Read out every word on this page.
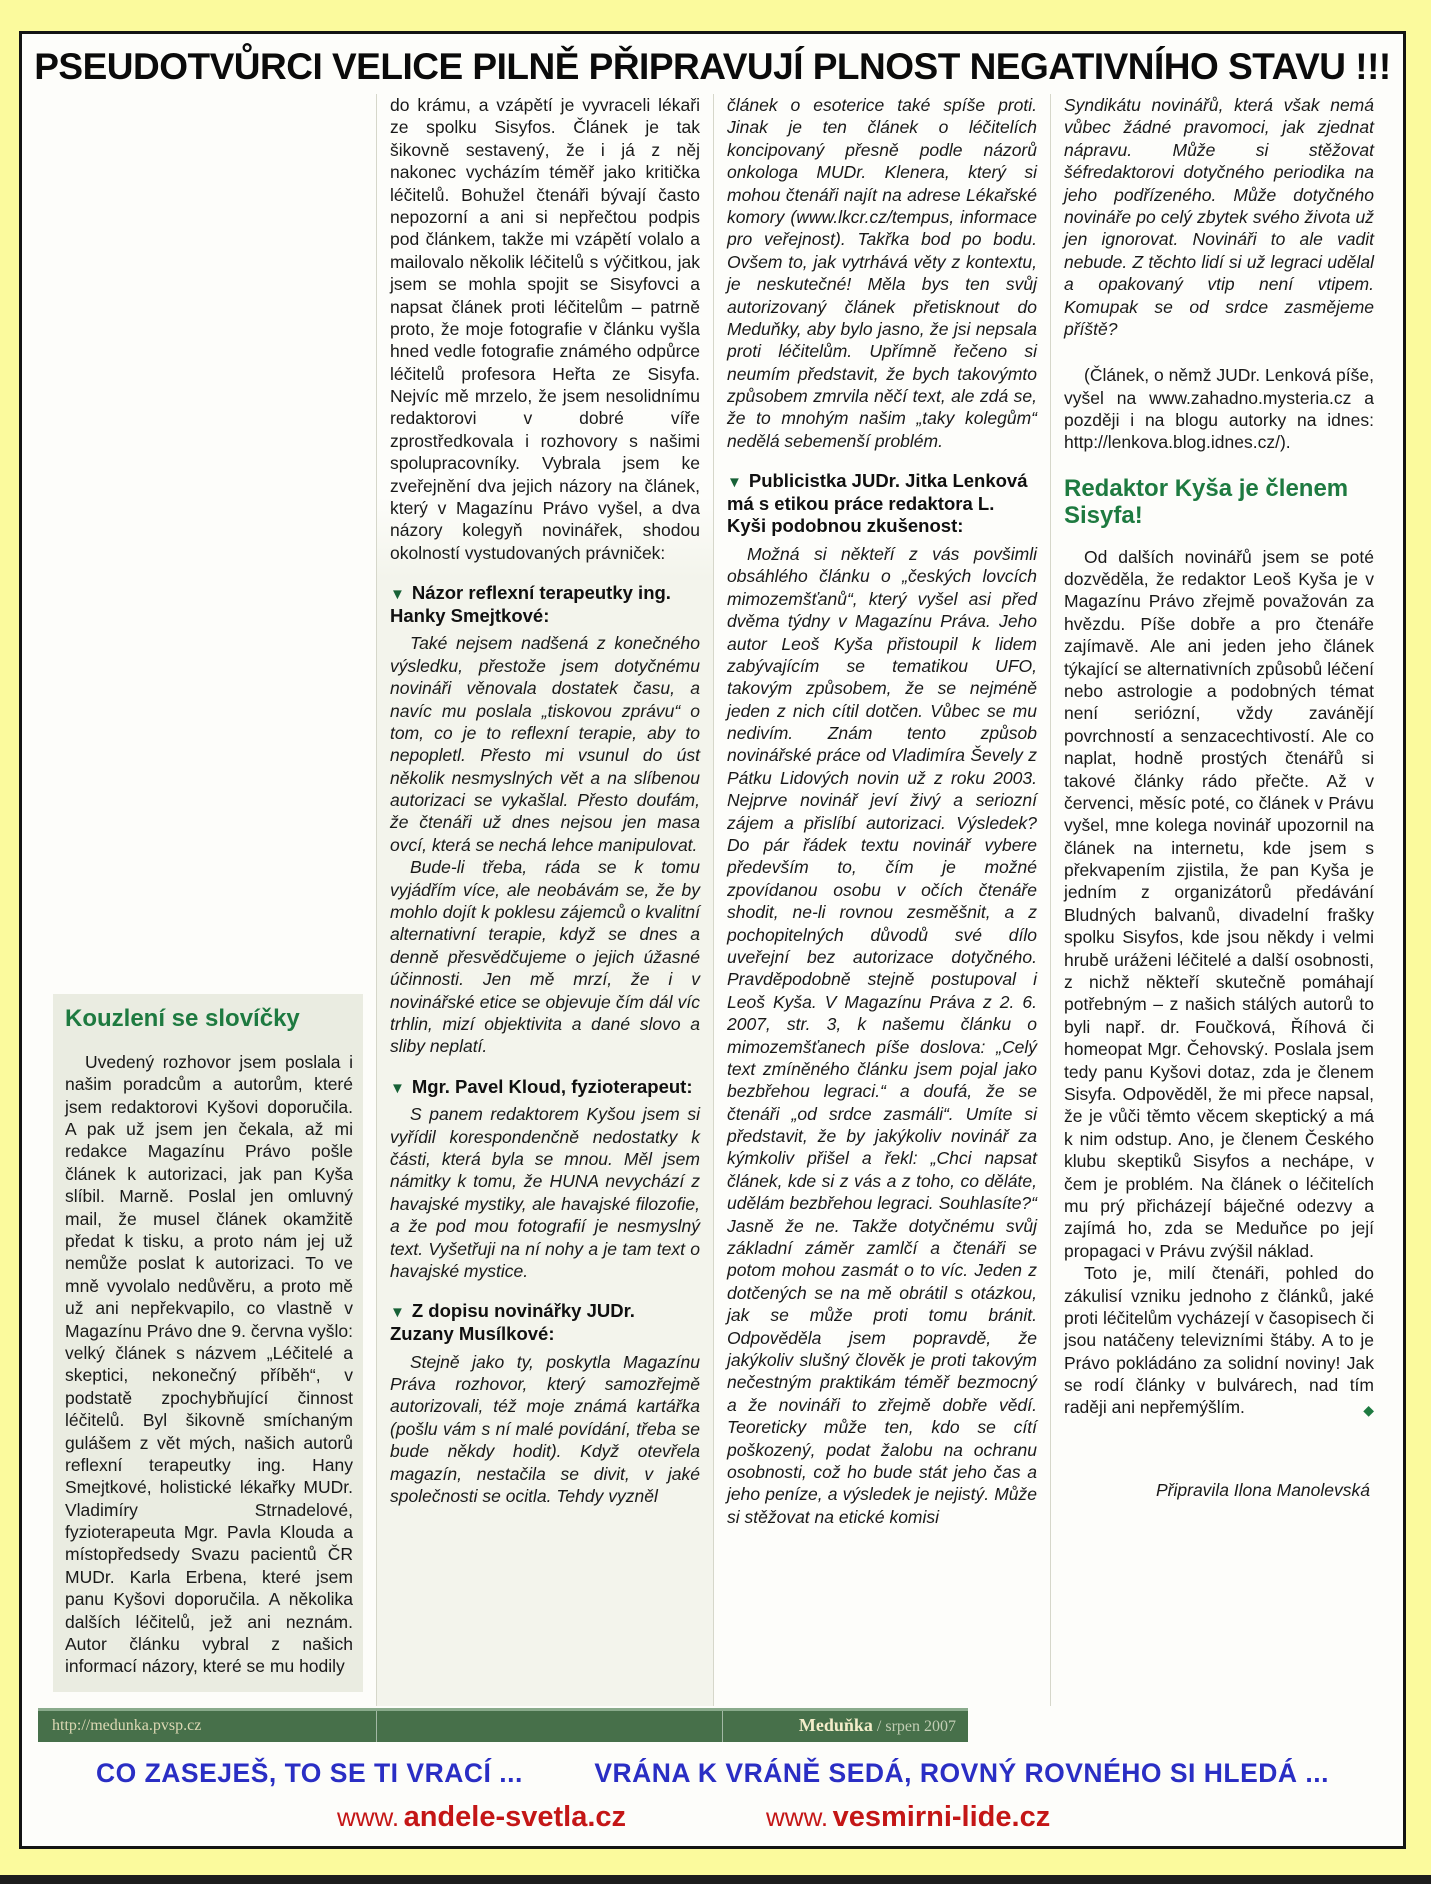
PSEUDOTVŮRCI VELICE PILNĚ PŘIPRAVUJÍ PLNOST NEGATIVNÍHO STAVU !!!
Kouzlení se slovíčky

Uvedený rozhovor jsem poslala i našim poradcům a autorům, které jsem redaktorovi Kyšovi doporučila. A pak už jsem jen čekala, až mi redakce Magazínu Právo pošle článek k autorizaci, jak pan Kyša slíbil. Marně. Poslal jen omluvný mail, že musel článek okamžitě předat k tisku, a proto nám jej už nemůže poslat k autorizaci. To ve mně vyvolalo nedůvěru, a proto mě už ani nepřekvapilo, co vlastně v Magazínu Právo dne 9. června vyšlo: velký článek s názvem „Léčitelé a skeptici, nekonečný příběh“, v podstatě zpochybňující činnost léčitelů. Byl šikovně smíchaným gulášem z vět mých, našich autorů reflexní terapeutky ing. Hany Smejtkové, holistické lékařky MUDr. Vladimíry Strnadelové, fyzioterapeuta Mgr. Pavla Klouda a místopředsedy Svazu pacientů ČR MUDr. Karla Erbena, které jsem panu Kyšovi doporučila. A několika dalších léčitelů, jež ani neznám. Autor článku vybral z našich informací názory, které se mu hodily

do krámu, a vzápětí je vyvraceli lékaři ze spolku Sisyfos. Článek je tak šikovně sestavený, že i já z něj nakonec vycházím téměř jako kritička léčitelů. Bohužel čtenáři bývají často nepozorní a ani si nepřečtou podpis pod článkem, takže mi vzápětí volalo a mailovalo několik léčitelů s výčitkou, jak jsem se mohla spojit se Sisyfovci a napsat článek proti léčitelům – patrně proto, že moje fotografie v článku vyšla hned vedle fotografie známého odpůrce léčitelů profesora Heřta ze Sisyfa. Nejvíc mě mrzelo, že jsem nesolidnímu redaktorovi v dobré víře zprostředkovala i rozhovory s našimi spolupracovníky. Vybrala jsem ke zveřejnění dva jejich názory na článek, který v Magazínu Právo vyšel, a dva názory kolegyň novinářek, shodou okolností vystudovaných právniček:

▼ Názor reflexní terapeutky ing. Hanky Smejtkové:

Také nejsem nadšená z konečného výsledku, přestože jsem dotyčnému novináři věnovala dostatek času, a navíc mu poslala „tiskovou zprávu“ o tom, co je to reflexní terapie, aby to nepopletl. Přesto mi vsunul do úst několik nesmyslných vět a na slíbenou autorizaci se vykašlal. Přesto doufám, že čtenáři už dnes nejsou jen masa ovcí, která se nechá lehce manipulovat.

Bude-li třeba, ráda se k tomu vyjádřím více, ale neobávám se, že by mohlo dojít k poklesu zájemců o kvalitní alternativní terapie, když se dnes a denně přesvědčujeme o jejich úžasné účinnosti. Jen mě mrzí, že i v novinářské etice se objevuje čím dál víc trhlin, mizí objektivita a dané slovo a sliby neplatí.

▼ Mgr. Pavel Kloud, fyzioterapeut:

S panem redaktorem Kyšou jsem si vyřídil korespondenčně nedostatky k části, která byla se mnou. Měl jsem námitky k tomu, že HUNA nevychází z havajské mystiky, ale havajské filozofie, a že pod mou fotografií je nesmyslný text. Vyšetřuji na ní nohy a je tam text o havajské mystice.

▼ Z dopisu novinářky JUDr. Zuzany Musílkové:

Stejně jako ty, poskytla Magazínu Práva rozhovor, který samozřejmě autorizovali, též moje známá kartářka (pošlu vám s ní malé povídání, třeba se bude někdy hodit). Když otevřela magazín, nestačila se divit, v jaké společnosti se ocitla. Tehdy vyzněl

článek o esoterice také spíše proti. Jinak je ten článek o léčitelích koncipovaný přesně podle názorů onkologa MUDr. Klenera, který si mohou čtenáři najít na adrese Lékařské komory (www.lkcr.cz/tempus, informace pro veřejnost). Takřka bod po bodu. Ovšem to, jak vytrhává věty z kontextu, je neskutečné! Měla bys ten svůj autorizovaný článek přetisknout do Meduňky, aby bylo jasno, že jsi nepsala proti léčitelům. Upřímně řečeno si neumím představit, že bych takovýmto způsobem zmrvila něčí text, ale zdá se, že to mnohým našim „taky kolegům“ nedělá sebemenší problém.

▼ Publicistka JUDr. Jitka Lenková má s etikou práce redaktora L. Kyši podobnou zkušenost:

Možná si někteří z vás povšimli obsáhlého článku o „českých lovcích mimozemšťanů“, který vyšel asi před dvěma týdny v Magazínu Práva. Jeho autor Leoš Kyša přistoupil k lidem zabývajícím se tematikou UFO, takovým způsobem, že se nejméně jeden z nich cítil dotčen. Vůbec se mu nedivím. Znám tento způsob novinářské práce od Vladimíra Ševely z Pátku Lidových novin už z roku 2003. Nejprve novinář jeví živý a seriozní zájem a přislíbí autorizaci. Výsledek? Do pár řádek textu novinář vybere především to, čím je možné zpovídanou osobu v očích čtenáře shodit, ne-li rovnou zesměšnit, a z pochopitelných důvodů své dílo uveřejní bez autorizace dotyčného. Pravděpodobně stejně postupoval i Leoš Kyša. V Magazínu Práva z 2. 6. 2007, str. 3, k našemu článku o mimozemšťanech píše doslova: „Celý text zmíněného článku jsem pojal jako bezbřehou legraci.“ a doufá, že se čtenáři „od srdce zasmáli“. Umíte si představit, že by jakýkoliv novinář za kýmkoliv přišel a řekl: „Chci napsat článek, kde si z vás a z toho, co děláte, udělám bezbřehou legraci. Souhlasíte?“ Jasně že ne. Takže dotyčnému svůj základní záměr zamlčí a čtenáři se potom mohou zasmát o to víc. Jeden z dotčených se na mě obrátil s otázkou, jak se může proti tomu bránit. Odpověděla jsem popravdě, že jakýkoliv slušný člověk je proti takovým nečestným praktikám téměř bezmocný a že novináři to zřejmě dobře vědí. Teoreticky může ten, kdo se cítí poškozený, podat žalobu na ochranu osobnosti, což ho bude stát jeho čas a jeho peníze, a výsledek je nejistý. Může si stěžovat na etické komisi

Syndikátu novinářů, která však nemá vůbec žádné pravomoci, jak zjednat nápravu. Může si stěžovat šéfredaktorovi dotyčného periodika na jeho podřízeného. Může dotyčného novináře po celý zbytek svého života už jen ignorovat. Novináři to ale vadit nebude. Z těchto lidí si už legraci udělal a opakovaný vtip není vtipem. Komupak se od srdce zasmějeme příště?

(Článek, o němž JUDr. Lenková píše, vyšel na www.zahadno.mysteria.cz a později i na blogu autorky na idnes: http://lenkova.blog.idnes.cz/).

Redaktor Kyša je členem Sisyfa!

Od dalších novinářů jsem se poté dozvěděla, že redaktor Leoš Kyša je v Magazínu Právo zřejmě považován za hvězdu. Píše dobře a pro čtenáře zajímavě. Ale ani jeden jeho článek týkající se alternativních způsobů léčení nebo astrologie a podobných témat není seriózní, vždy zavánějí povrchností a senzacechtivostí. Ale co naplat, hodně prostých čtenářů si takové články rádo přečte. Až v červenci, měsíc poté, co článek v Právu vyšel, mne kolega novinář upozornil na článek na internetu, kde jsem s překvapením zjistila, že pan Kyša je jedním z organizátorů předávání Bludných balvanů, divadelní frašky spolku Sisyfos, kde jsou někdy i velmi hrubě uráženi léčitelé a další osobnosti, z nichž někteří skutečně pomáhají potřebným – z našich stálých autorů to byli např. dr. Foučková, Říhová či homeopat Mgr. Čehovský. Poslala jsem tedy panu Kyšovi dotaz, zda je členem Sisyfa. Odpověděl, že mi přece napsal, že je vůči těmto věcem skeptický a má k nim odstup. Ano, je členem Českého klubu skeptiků Sisyfos a nechápe, v čem je problém. Na článek o léčitelích mu prý přicházejí báječné odezvy a zajímá ho, zda se Meduňce po její propagaci v Právu zvýšil náklad.

Toto je, milí čtenáři, pohled do zákulisí vzniku jednoho z článků, jaké proti léčitelům vycházejí v časopisech či jsou natáčeny televizními štáby. A to je Právo pokládáno za solidní noviny! Jak se rodí články v bulvárech, nad tím raději ani nepřemýšlím.	◆

Připravila Ilona Manolevská

http://medunka.pvsp.cz	Meduňka / srpen 2007
CO ZASEJEŠ, TO SE TI VRACÍ ...	VRÁNA K VRÁNĚ SEDÁ, ROVNÝ ROVNÉHO SI HLEDÁ ...
www. andele-svetla.cz	www. vesmirni-lide.cz
